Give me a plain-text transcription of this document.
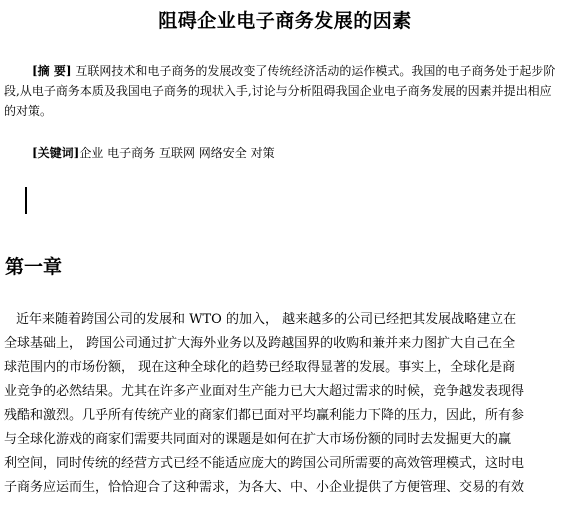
阻碍企业电子商务发展的因素

[摘 要] 互联网技术和电子商务的发展改变了传统经济活动的运作模式。我国的电子商务处于起步阶段,从电子商务本质及我国电子商务的现状入手,讨论与分析阻碍我国企业电子商务发展的因素并提出相应的对策。

[关键词]企业 电子商务 互联网 网络安全 对策

第一章
近年来随着跨国公司的发展和 WTO 的加入， 越来越多的公司已经把其发展战略建立在
全球基础上， 跨国公司通过扩大海外业务以及跨越国界的收购和兼并来力图扩大自己在全
球范围内的市场份额， 现在这种全球化的趋势已经取得显著的发展。事实上，全球化是商
业竞争的必然结果。尤其在许多产业面对生产能力已大大超过需求的时候，竞争越发表现得
残酷和激烈。几乎所有传统产业的商家们都已面对平均赢利能力下降的压力，因此，所有参
与全球化游戏的商家们需要共同面对的课题是如何在扩大市场份额的同时去发掘更大的赢
利空间，同时传统的经营方式已经不能适应庞大的跨国公司所需要的高效管理模式，这时电
子商务应运而生，恰恰迎合了这种需求，为各大、中、小企业提供了方便管理、交易的有效
